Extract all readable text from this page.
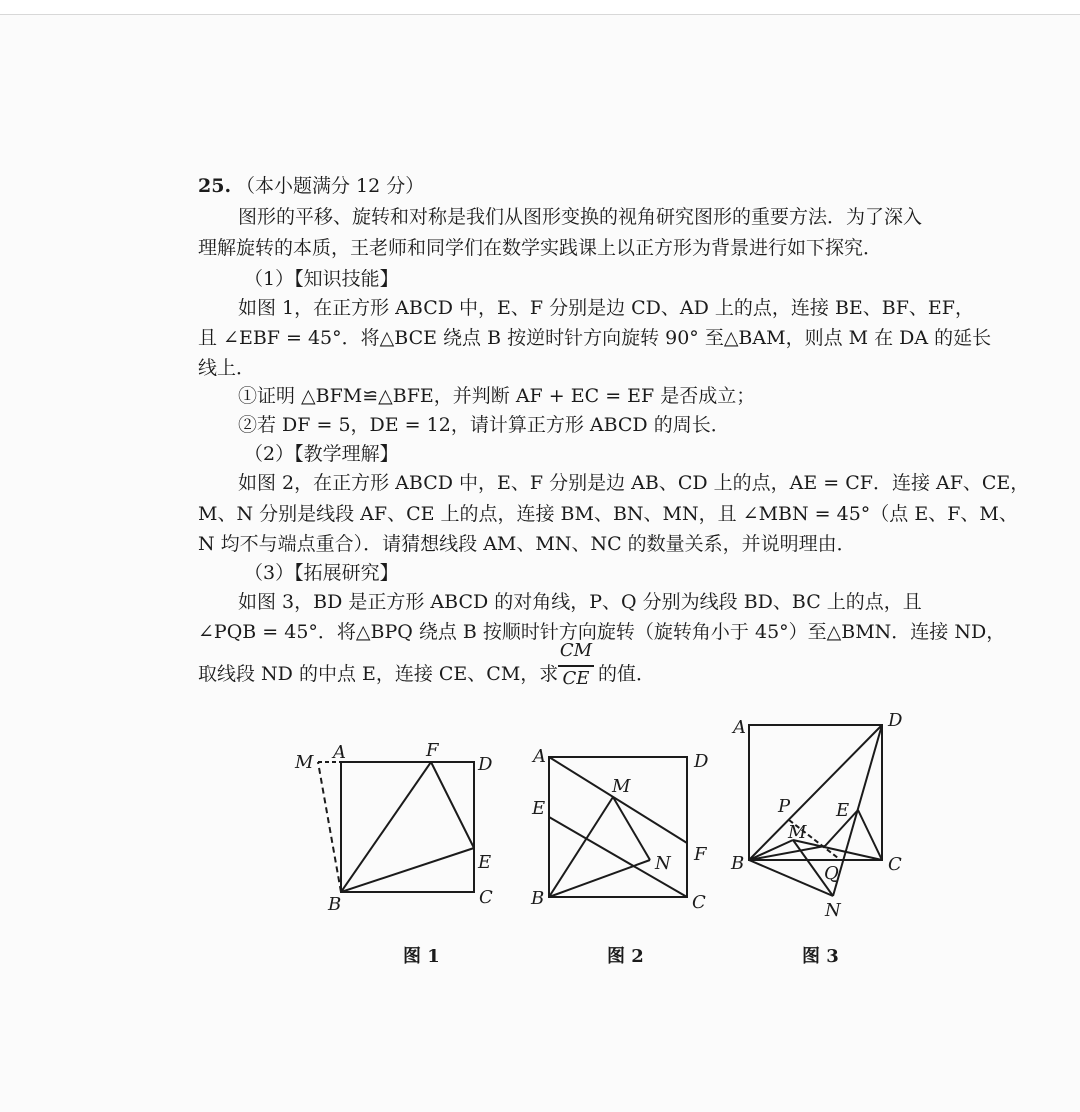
25. （本小题满分 12 分）
图形的平移、旋转和对称是我们从图形变换的视角研究图形的重要方法．为了深入
理解旋转的本质，王老师和同学们在数学实践课上以正方形为背景进行如下探究．
（1）【知识技能】
如图 1，在正方形 ABCD 中，E、F 分别是边 CD、AD 上的点，连接 BE、BF、EF，
且 ∠EBF = 45°．将△BCE 绕点 B 按逆时针方向旋转 90° 至△BAM，则点 M 在 DA 的延长
线上．
①证明 △BFM≌△BFE，并判断 AF + EC = EF 是否成立；
②若 DF = 5，DE = 12，请计算正方形 ABCD 的周长．
（2）【教学理解】
如图 2，在正方形 ABCD 中，E、F 分别是边 AB、CD 上的点，AE = CF．连接 AF、CE，
M、N 分别是线段 AF、CE 上的点，连接 BM、BN、MN，且 ∠MBN = 45°（点 E、F、M、
N 均不与端点重合）．请猜想线段 AM、MN、NC 的数量关系，并说明理由．
（3）【拓展研究】
如图 3，BD 是正方形 ABCD 的对角线，P、Q 分别为线段 BD、BC 上的点，且
∠PQB = 45°．将△BPQ 绕点 B 按顺时针方向旋转（旋转角小于 45°）至△BMN．连接 ND，
取线段 ND 的中点 E，连接 CE、CM，求
CM
CE 的值．
M A	F
D
E
B	C
A	D
E
M
F
N
B	C
A	D
P	E
M
B	C
Q
N
图 1	图 2	图 3
